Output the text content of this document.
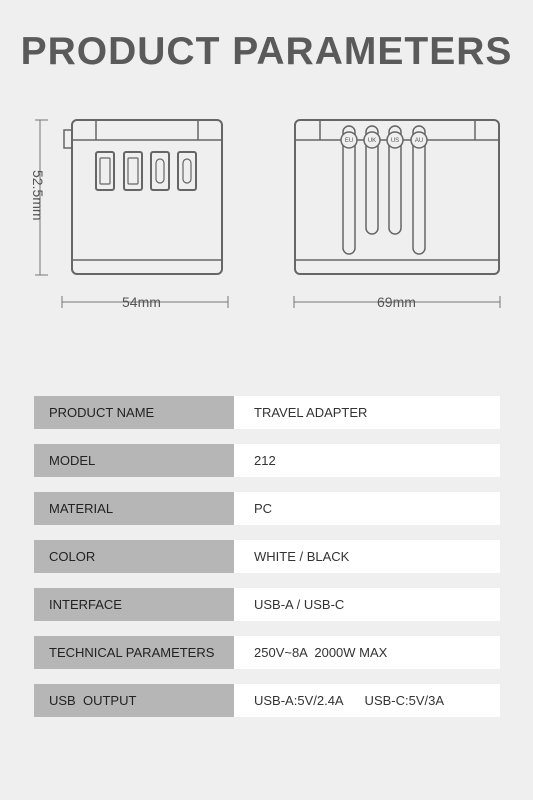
PRODUCT PARAMETERS
EU UK US	AU
52.5mm
54mm	69mm
PRODUCT NAME	TRAVEL ADAPTER
MODEL	212
MATERIAL	PC
COLOR	WHITE / BLACK
INTERFACE	USB-A / USB-C
TECHNICAL PARAMETERS	250V~8A  2000W MAX
USB  OUTPUT	USB-A:5V/2.4A      USB-C:5V/3A
